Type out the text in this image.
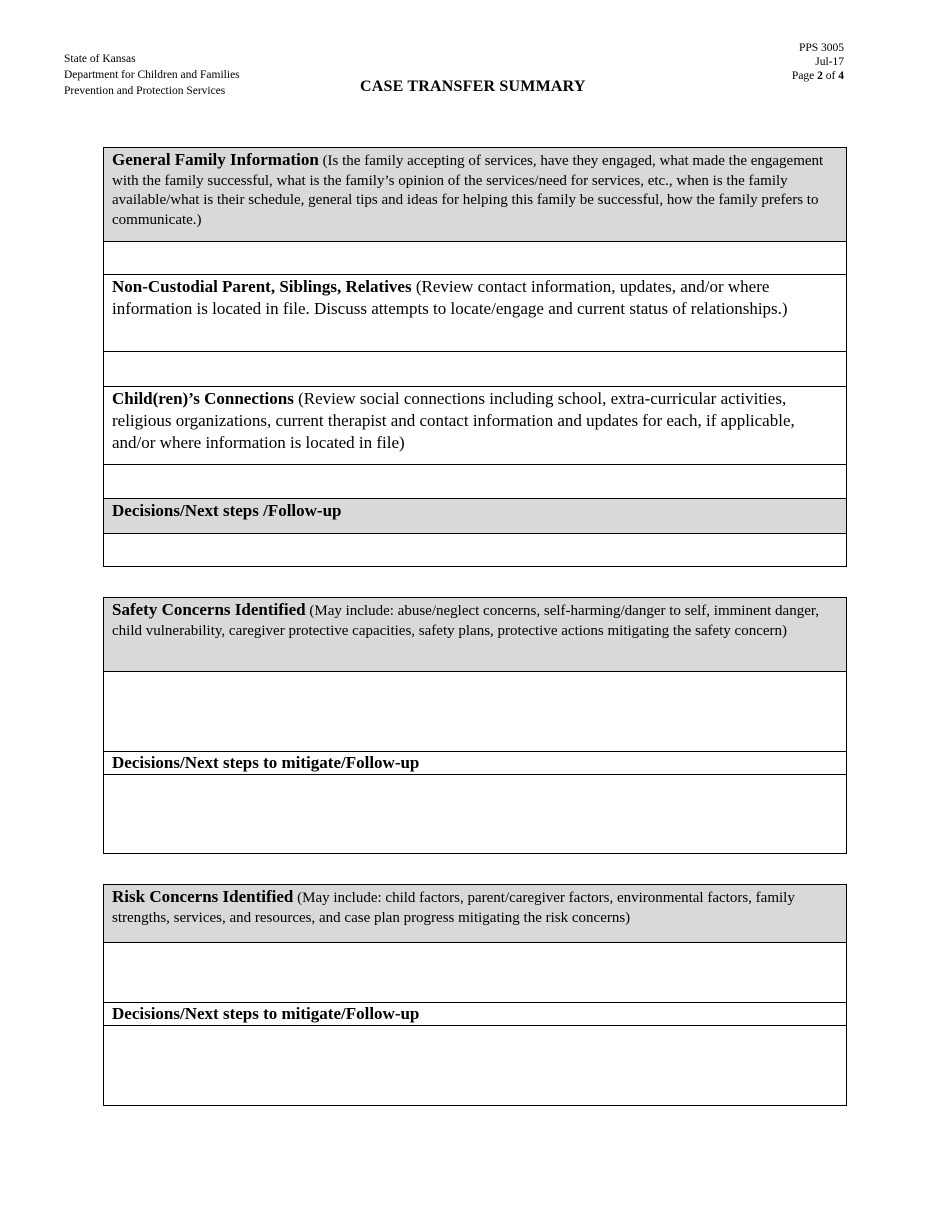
State of Kansas
Department for Children and Families
Prevention and Protection Services
PPS 3005
Jul-17
Page 2 of 4
CASE TRANSFER SUMMARY
General Family Information (Is the family accepting of services, have they engaged, what made the engagement with the family successful, what is the family’s opinion of the services/need for services, etc., when is the family available/what is their schedule, general tips and ideas for helping this family be successful, how the family prefers to communicate.)

Non-Custodial Parent, Siblings, Relatives (Review contact information, updates, and/or where information is located in file. Discuss attempts to locate/engage and current status of relationships.)

Child(ren)’s Connections (Review social connections including school, extra-curricular activities, religious organizations, current therapist and contact information and updates for each, if applicable, and/or where information is located in file)

Decisions/Next steps /Follow-up

Safety Concerns Identified (May include: abuse/neglect concerns, self-harming/danger to self, imminent danger, child vulnerability, caregiver protective capacities, safety plans, protective actions mitigating the safety concern)

Decisions/Next steps to mitigate/Follow-up

Risk Concerns Identified (May include: child factors, parent/caregiver factors, environmental factors, family strengths, services, and resources, and case plan progress mitigating the risk concerns)

Decisions/Next steps to mitigate/Follow-up
